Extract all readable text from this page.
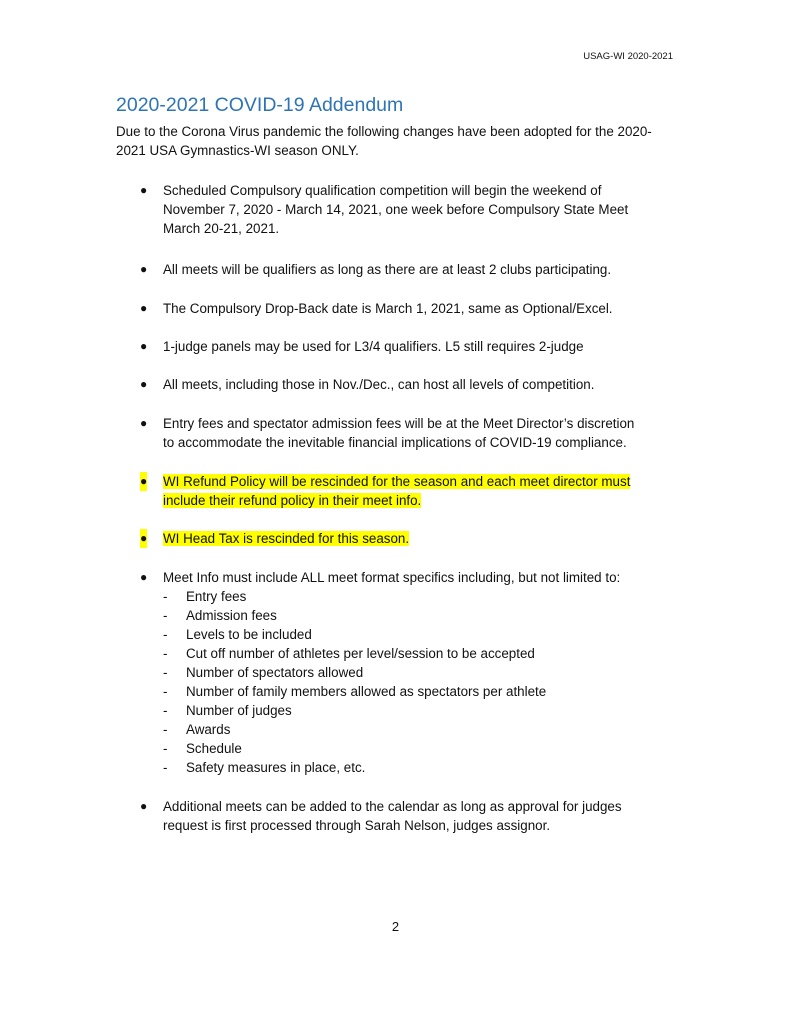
USAG-WI 2020-2021
2020-2021 COVID-19 Addendum
Due to the Corona Virus pandemic the following changes have been adopted for the 2020-2021 USA Gymnastics-WI season ONLY.
● Scheduled Compulsory qualification competition will begin the weekend of
November 7, 2020 - March 14, 2021, one week before Compulsory State Meet
March 20-21, 2021.
● All meets will be qualifiers as long as there are at least 2 clubs participating.
● The Compulsory Drop-Back date is March 1, 2021, same as Optional/Excel.
● 1-judge panels may be used for L3/4 qualifiers. L5 still requires 2-judge
● All meets, including those in Nov./Dec., can host all levels of competition.
● Entry fees and spectator admission fees will be at the Meet Director’s discretion
to accommodate the inevitable financial implications of COVID-19 compliance.
● WI Refund Policy will be rescinded for the season and each meet director must
include their refund policy in their meet info.
● WI Head Tax is rescinded for this season.
● Meet Info must include ALL meet format specifics including, but not limited to:
- Entry fees
- Admission fees
- Levels to be included
- Cut off number of athletes per level/session to be accepted
- Number of spectators allowed
- Number of family members allowed as spectators per athlete
- Number of judges
- Awards
- Schedule
- Safety measures in place, etc.
● Additional meets can be added to the calendar as long as approval for judges
request is first processed through Sarah Nelson, judges assignor.
2
